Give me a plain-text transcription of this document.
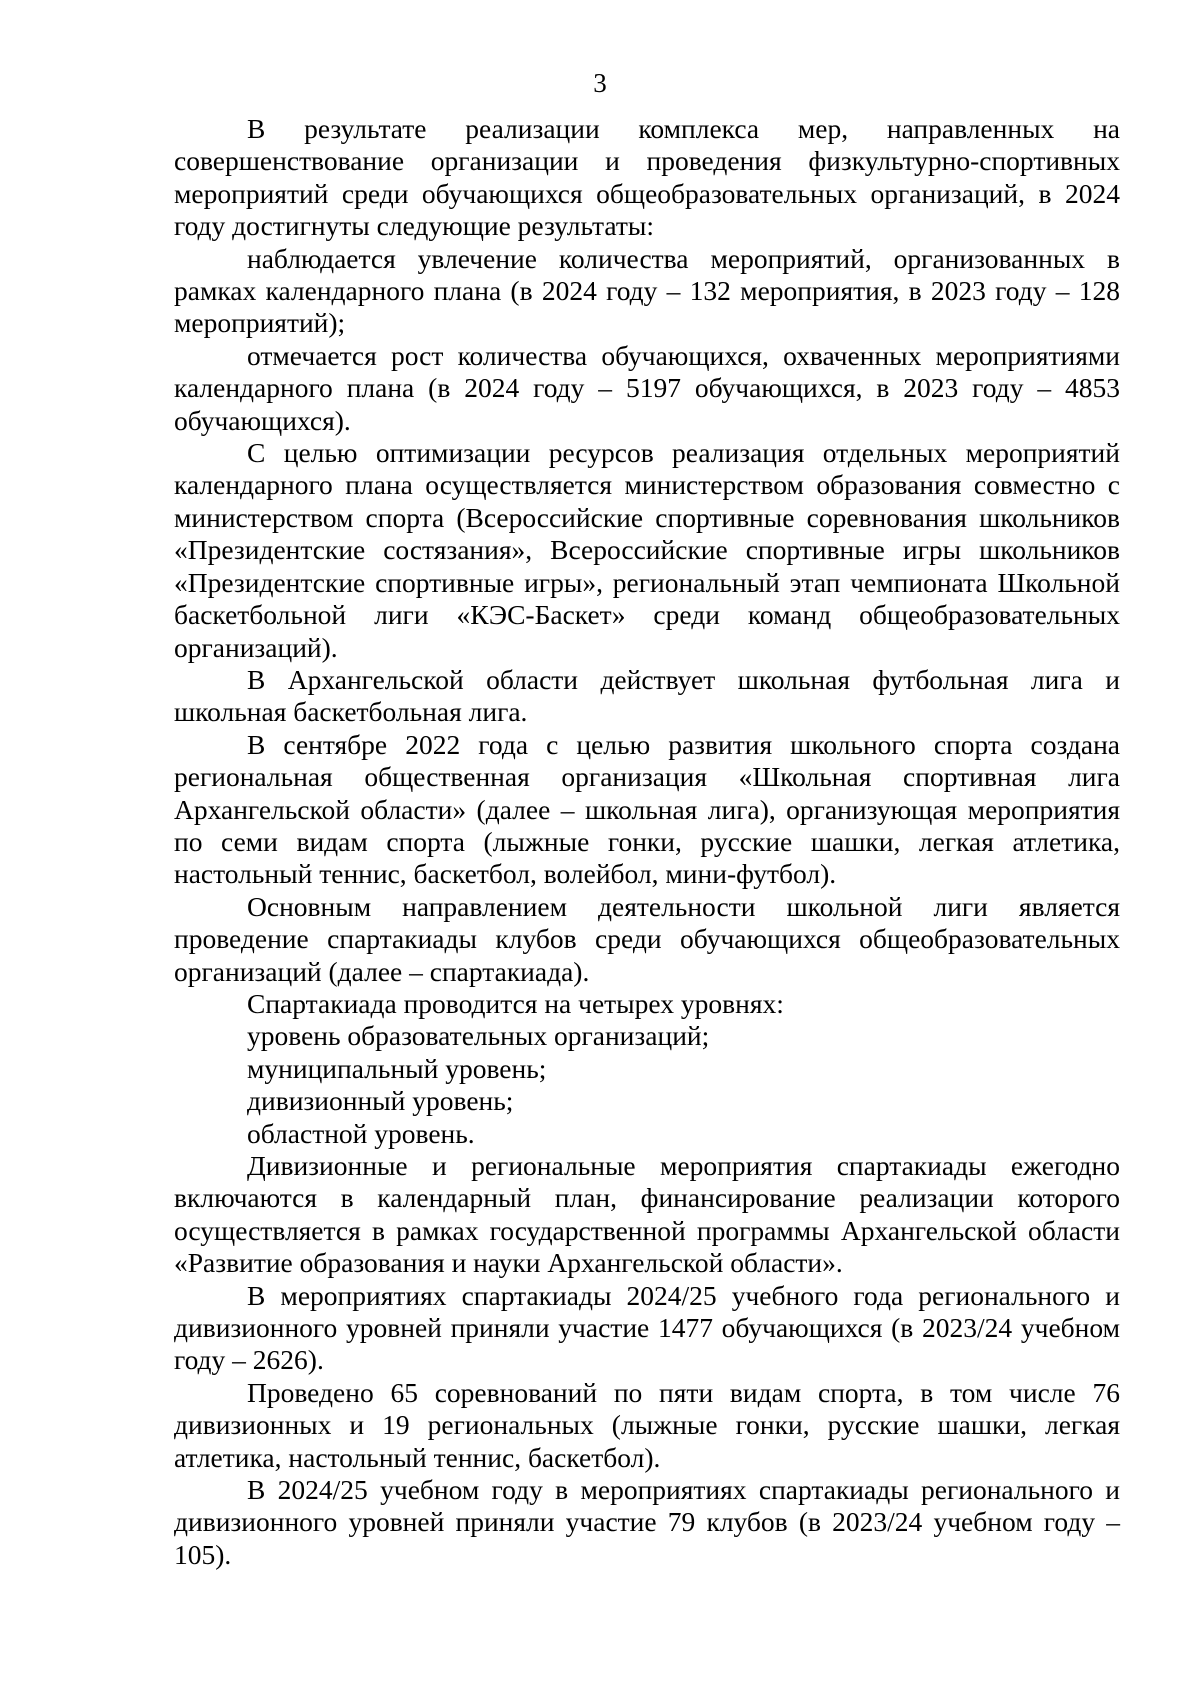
3

В результате реализации комплекса мер, направленных на совершенствование организации и проведения физкультурно-спортивных мероприятий среди обучающихся общеобразовательных организаций, в 2024 году достигнуты следующие результаты:

наблюдается увлечение количества мероприятий, организованных в рамках календарного плана (в 2024 году – 132 мероприятия, в 2023 году – 128 мероприятий);

отмечается рост количества обучающихся, охваченных мероприятиями календарного плана (в 2024 году – 5197 обучающихся, в 2023 году – 4853 обучающихся).

С целью оптимизации ресурсов реализация отдельных мероприятий календарного плана осуществляется министерством образования совместно с министерством спорта (Всероссийские спортивные соревнования школьников «Президентские состязания», Всероссийские спортивные игры школьников «Президентские спортивные игры», региональный этап чемпионата Школьной баскетбольной лиги «КЭС-Баскет» среди команд общеобразовательных организаций).

В Архангельской области действует школьная футбольная лига и школьная баскетбольная лига.

В сентябре 2022 года с целью развития школьного спорта создана региональная общественная организация «Школьная спортивная лига Архангельской области» (далее – школьная лига), организующая мероприятия по семи видам спорта (лыжные гонки, русские шашки, легкая атлетика, настольный теннис, баскетбол, волейбол, мини-футбол).

Основным направлением деятельности школьной лиги является проведение спартакиады клубов среди обучающихся общеобразовательных организаций (далее – спартакиада).

Спартакиада проводится на четырех уровнях:

уровень образовательных организаций;

муниципальный уровень;

дивизионный уровень;

областной уровень.

Дивизионные и региональные мероприятия спартакиады ежегодно включаются в календарный план, финансирование реализации которого осуществляется в рамках государственной программы Архангельской области «Развитие образования и науки Архангельской области».

В мероприятиях спартакиады 2024/25 учебного года регионального и дивизионного уровней приняли участие 1477 обучающихся (в 2023/24 учебном году – 2626).

Проведено 65 соревнований по пяти видам спорта, в том числе 76 дивизионных и 19 региональных (лыжные гонки, русские шашки, легкая атлетика, настольный теннис, баскетбол).

В 2024/25 учебном году в мероприятиях спартакиады регионального и дивизионного уровней приняли участие 79 клубов (в 2023/24 учебном году – 105).
